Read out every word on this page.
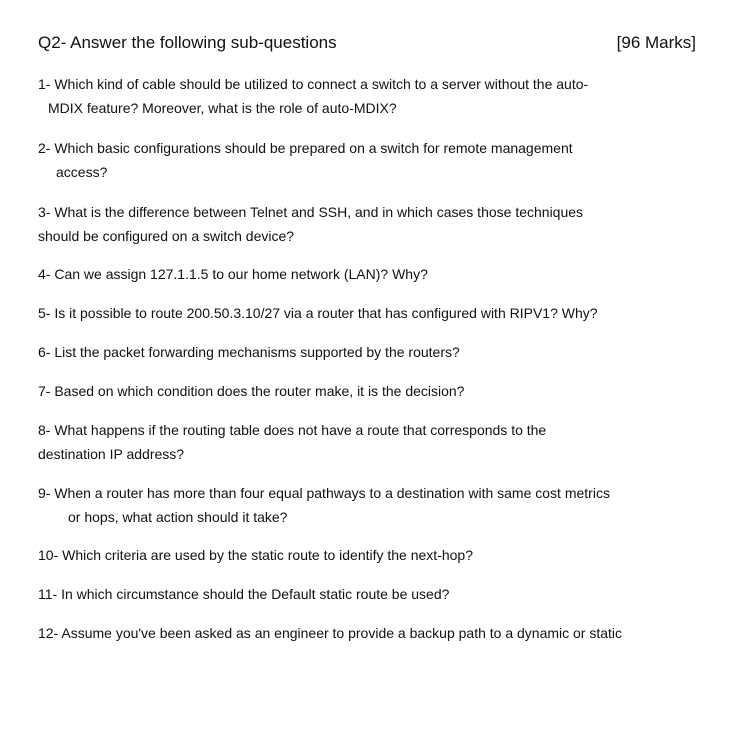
Q2- Answer the following sub-questions	[96 Marks]
1- Which kind of cable should be utilized to connect a switch to a server without the auto-
MDIX feature? Moreover, what is the role of auto-MDIX?
2- Which basic configurations should be prepared on a switch for remote management
access?
3- What is the difference between Telnet and SSH, and in which cases those techniques
should be configured on a switch device?
4- Can we assign 127.1.1.5 to our home network (LAN)? Why?
5- Is it possible to route 200.50.3.10/27 via a router that has configured with RIPV1? Why?
6- List the packet forwarding mechanisms supported by the routers?
7- Based on which condition does the router make, it is the decision?
8- What happens if the routing table does not have a route that corresponds to the
destination IP address?
9- When a router has more than four equal pathways to a destination with same cost metrics
or hops, what action should it take?
10- Which criteria are used by the static route to identify the next-hop?
11- In which circumstance should the Default static route be used?
12- Assume you've been asked as an engineer to provide a backup path to a dynamic or static
